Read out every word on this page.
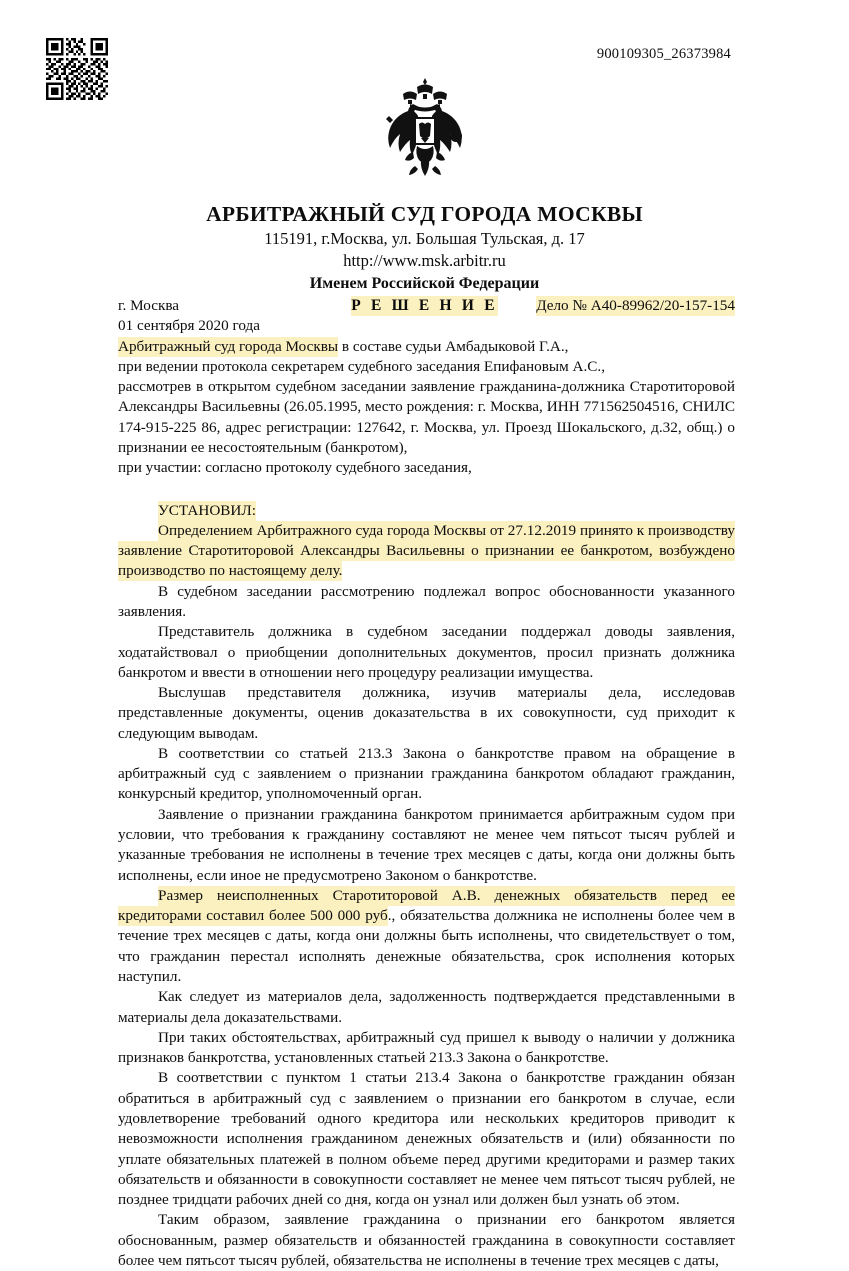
900109305_26373984
АРБИТРАЖНЫЙ СУД ГОРОДА МОСКВЫ
115191, г.Москва, ул. Большая Тульская, д. 17
http://www.msk.arbitr.ru
Именем Российской Федерации
Р Е Ш Е Н И Е
г. Москва	Дело № А40-89962/20-157-154
01 сентября 2020 года
Арбитражный суд города Москвы в составе судьи Амбадыковой Г.А.,
при ведении протокола секретарем судебного заседания Епифановым А.С.,

рассмотрев в открытом судебном заседании заявление гражданина-должника Старотиторовой Александры Васильевны (26.05.1995, место рождения: г. Москва, ИНН 771562504516, СНИЛС 174-915-225 86, адрес регистрации: 127642, г. Москва, ул. Проезд Шокальского, д.32, общ.) о признании ее несостоятельным (банкротом),

при участии: согласно протоколу судебного заседания,

УСТАНОВИЛ:

Определением Арбитражного суда города Москвы от 27.12.2019 принято к производству заявление Старотиторовой Александры Васильевны о признании ее банкротом, возбуждено производство по настоящему делу.

В судебном заседании рассмотрению подлежал вопрос обоснованности указанного заявления.

Представитель должника в судебном заседании поддержал доводы заявления, ходатайствовал о приобщении дополнительных документов, просил признать должника банкротом и ввести в отношении него процедуру реализации имущества.

Выслушав представителя должника, изучив материалы дела, исследовав представленные документы, оценив доказательства в их совокупности, суд приходит к следующим выводам.

В соответствии со статьей 213.3 Закона о банкротстве правом на обращение в арбитражный суд с заявлением о признании гражданина банкротом обладают гражданин, конкурсный кредитор, уполномоченный орган.

Заявление о признании гражданина банкротом принимается арбитражным судом при условии, что требования к гражданину составляют не менее чем пятьсот тысяч рублей и указанные требования не исполнены в течение трех месяцев с даты, когда они должны быть исполнены, если иное не предусмотрено Законом о банкротстве.

Размер неисполненных Старотиторовой А.В. денежных обязательств перед ее кредиторами составил более 500 000 руб., обязательства должника не исполнены более чем в течение трех месяцев с даты, когда они должны быть исполнены, что свидетельствует о том, что гражданин перестал исполнять денежные обязательства, срок исполнения которых наступил.

Как следует из материалов дела, задолженность подтверждается представленными в материалы дела доказательствами.

При таких обстоятельствах, арбитражный суд пришел к выводу о наличии у должника признаков банкротства, установленных статьей 213.3 Закона о банкротстве.

В соответствии с пунктом 1 статьи 213.4 Закона о банкротстве гражданин обязан обратиться в арбитражный суд с заявлением о признании его банкротом в случае, если удовлетворение требований одного кредитора или нескольких кредиторов приводит к невозможности исполнения гражданином денежных обязательств и (или) обязанности по уплате обязательных платежей в полном объеме перед другими кредиторами и размер таких обязательств и обязанности в совокупности составляет не менее чем пятьсот тысяч рублей, не позднее тридцати рабочих дней со дня, когда он узнал или должен был узнать об этом.

Таким образом, заявление гражданина о признании его банкротом является обоснованным, размер обязательств и обязанностей гражданина в совокупности составляет более чем пятьсот тысяч рублей, обязательства не исполнены в течение трех месяцев с даты,
